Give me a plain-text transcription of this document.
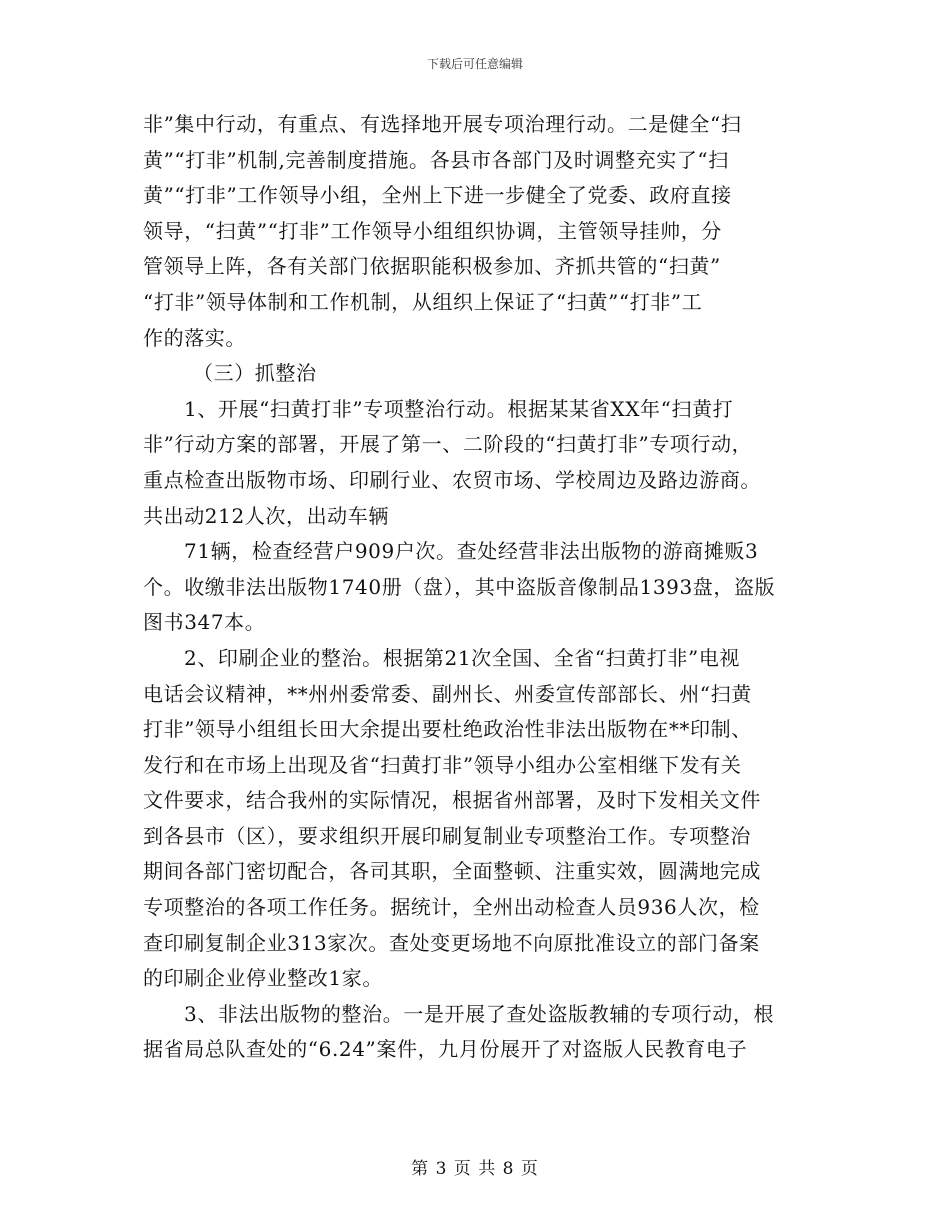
下载后可任意编辑
非”集中行动，有重点、有选择地开展专项治理行动。二是健全“扫
黄”“打非”机制,完善制度措施。各县市各部门及时调整充实了“扫
黄”“打非”工作领导小组，全州上下进一步健全了党委、政府直接
领导，“扫黄”“打非”工作领导小组组织协调，主管领导挂帅，分
管领导上阵，各有关部门依据职能积极参加、齐抓共管的“扫黄”
“打非”领导体制和工作机制，从组织上保证了“扫黄”“打非”工
作的落实。
（三）抓整治
1、开展“扫黄打非”专项整治行动。根据某某省XX年“扫黄打
非”行动方案的部署，开展了第一、二阶段的“扫黄打非”专项行动，
重点检查出版物市场、印刷行业、农贸市场、学校周边及路边游商。
共出动212人次，出动车辆
71辆，检查经营户909户次。查处经营非法出版物的游商摊贩3
个。收缴非法出版物1740册（盘），其中盗版音像制品1393盘，盗版
图书347本。
2、印刷企业的整治。根据第21次全国、全省“扫黄打非”电视
电话会议精神，**州州委常委、副州长、州委宣传部部长、州“扫黄
打非”领导小组组长田大余提出要杜绝政治性非法出版物在**印制、
发行和在市场上出现及省“扫黄打非”领导小组办公室相继下发有关
文件要求，结合我州的实际情况，根据省州部署，及时下发相关文件
到各县市（区），要求组织开展印刷复制业专项整治工作。专项整治
期间各部门密切配合，各司其职，全面整顿、注重实效，圆满地完成
专项整治的各项工作任务。据统计，全州出动检查人员936人次，检
查印刷复制企业313家次。查处变更场地不向原批准设立的部门备案
的印刷企业停业整改1家。
3、非法出版物的整治。一是开展了查处盗版教辅的专项行动，根
据省局总队查处的“6.24”案件，九月份展开了对盗版人民教育电子
第 3 页 共 8 页
